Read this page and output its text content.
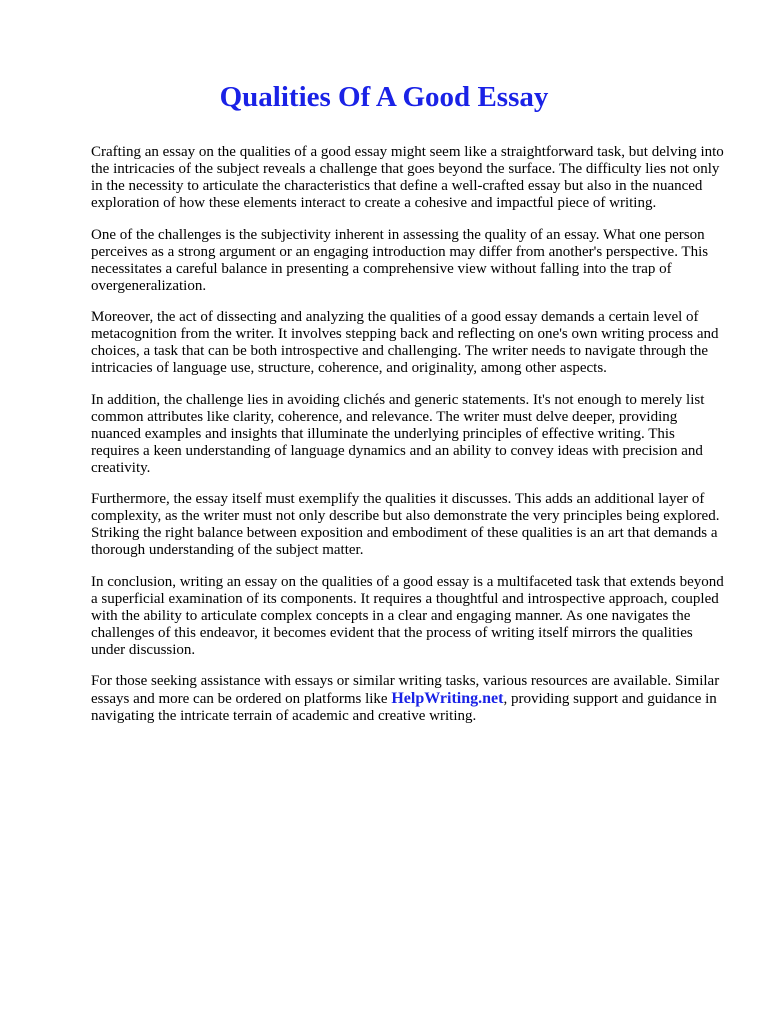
Qualities Of A Good Essay

Crafting an essay on the qualities of a good essay might seem like a straightforward task, but delving into the intricacies of the subject reveals a challenge that goes beyond the surface. The difficulty lies not only in the necessity to articulate the characteristics that define a well-crafted essay but also in the nuanced exploration of how these elements interact to create a cohesive and impactful piece of writing.

One of the challenges is the subjectivity inherent in assessing the quality of an essay. What one person perceives as a strong argument or an engaging introduction may differ from another's perspective. This necessitates a careful balance in presenting a comprehensive view without falling into the trap of overgeneralization.

Moreover, the act of dissecting and analyzing the qualities of a good essay demands a certain level of metacognition from the writer. It involves stepping back and reflecting on one's own writing process and choices, a task that can be both introspective and challenging. The writer needs to navigate through the intricacies of language use, structure, coherence, and originality, among other aspects.

In addition, the challenge lies in avoiding clichés and generic statements. It's not enough to merely list common attributes like clarity, coherence, and relevance. The writer must delve deeper, providing nuanced examples and insights that illuminate the underlying principles of effective writing. This requires a keen understanding of language dynamics and an ability to convey ideas with precision and creativity.

Furthermore, the essay itself must exemplify the qualities it discusses. This adds an additional layer of complexity, as the writer must not only describe but also demonstrate the very principles being explored. Striking the right balance between exposition and embodiment of these qualities is an art that demands a thorough understanding of the subject matter.

In conclusion, writing an essay on the qualities of a good essay is a multifaceted task that extends beyond a superficial examination of its components. It requires a thoughtful and introspective approach, coupled with the ability to articulate complex concepts in a clear and engaging manner. As one navigates the challenges of this endeavor, it becomes evident that the process of writing itself mirrors the qualities under discussion.

For those seeking assistance with essays or similar writing tasks, various resources are available. Similar essays and more can be ordered on platforms like HelpWriting.net, providing support and guidance in navigating the intricate terrain of academic and creative writing.
